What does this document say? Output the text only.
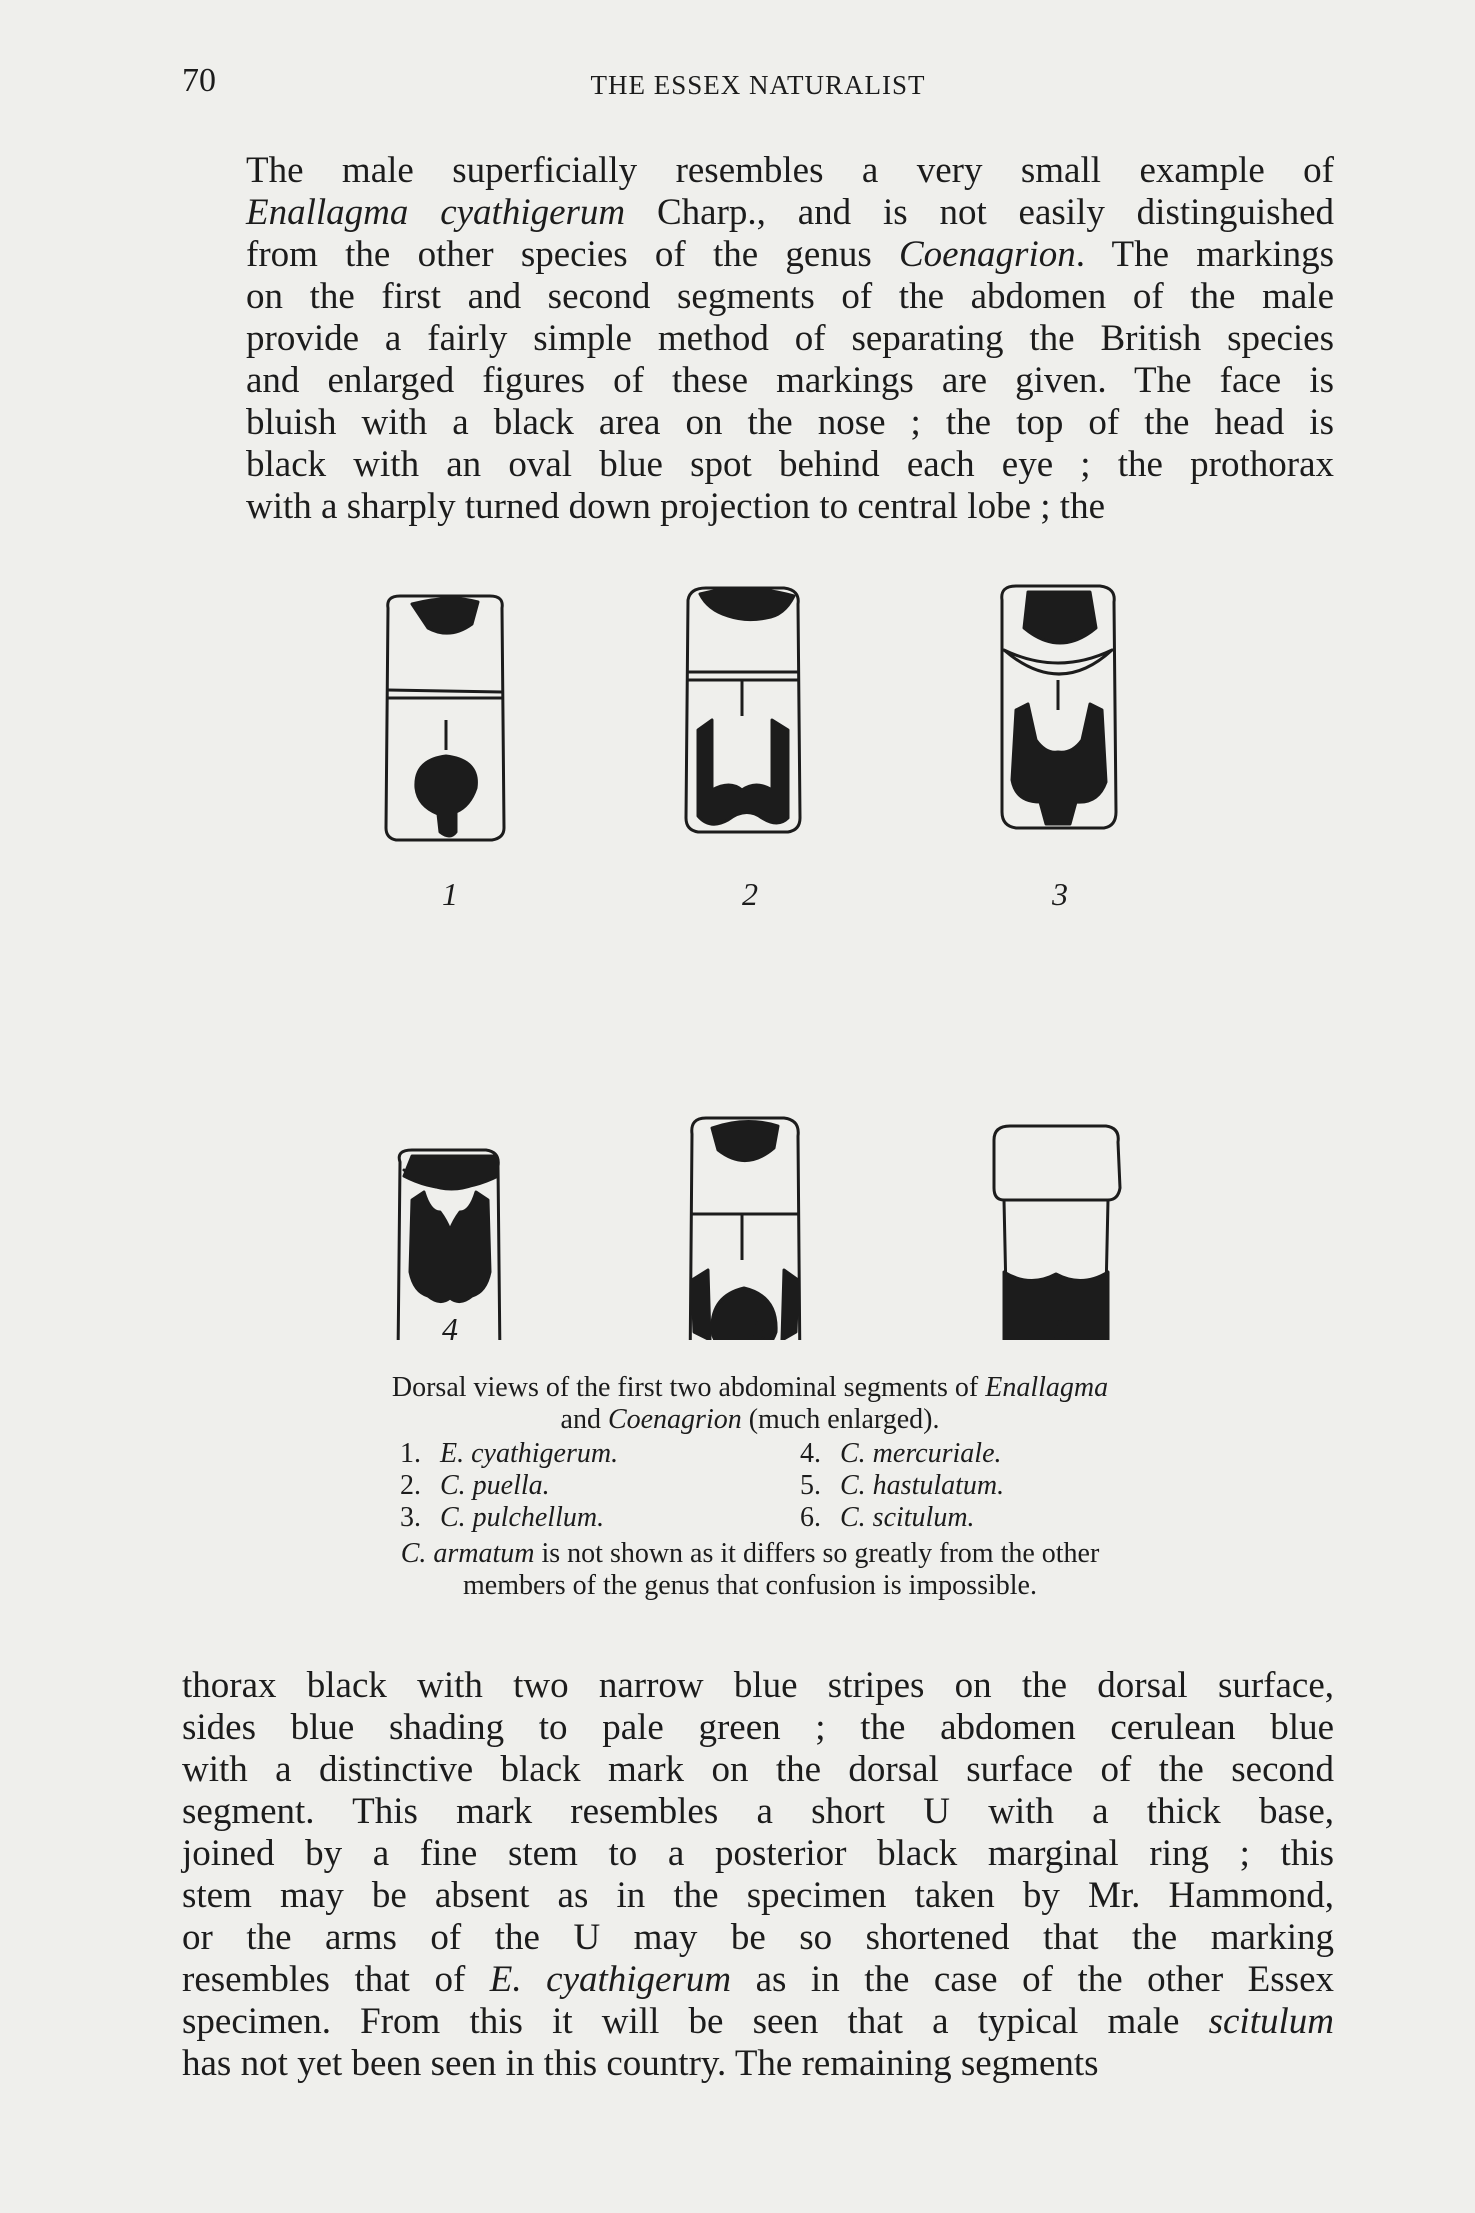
70	THE ESSEX NATURALIST
The male superficially resembles a very small example of
Enallagma cyathigerum Charp., and is not easily distinguished
from the other species of the genus Coenagrion. The markings
on the first and second segments of the abdomen of the male
provide a fairly simple method of separating the British species
and enlarged figures of these markings are given. The face is
bluish with a black area on the nose ; the top of the head is
black with an oval blue spot behind each eye ; the prothorax
with a sharply turned down projection to central lobe ; the
1	2	3
4	5	6

Dorsal views of the first two abdominal segments of Enallagma

and Coenagrion (much enlarged).

1. E. cyathigerum.	4. C. mercuriale.
2. C. puella.	5. C. hastulatum.
3. C. pulchellum.	6. C. scitulum.

C. armatum is not shown as it differs so greatly from the other

members of the genus that confusion is impossible.

thorax black with two narrow blue stripes on the dorsal surface,
sides blue shading to pale green ; the abdomen cerulean blue
with a distinctive black mark on the dorsal surface of the second
segment. This mark resembles a short U with a thick base,
joined by a fine stem to a posterior black marginal ring ; this
stem may be absent as in the specimen taken by Mr. Hammond,
or the arms of the U may be so shortened that the marking
resembles that of E. cyathigerum as in the case of the other Essex
specimen. From this it will be seen that a typical male scitulum
has not yet been seen in this country. The remaining segments
